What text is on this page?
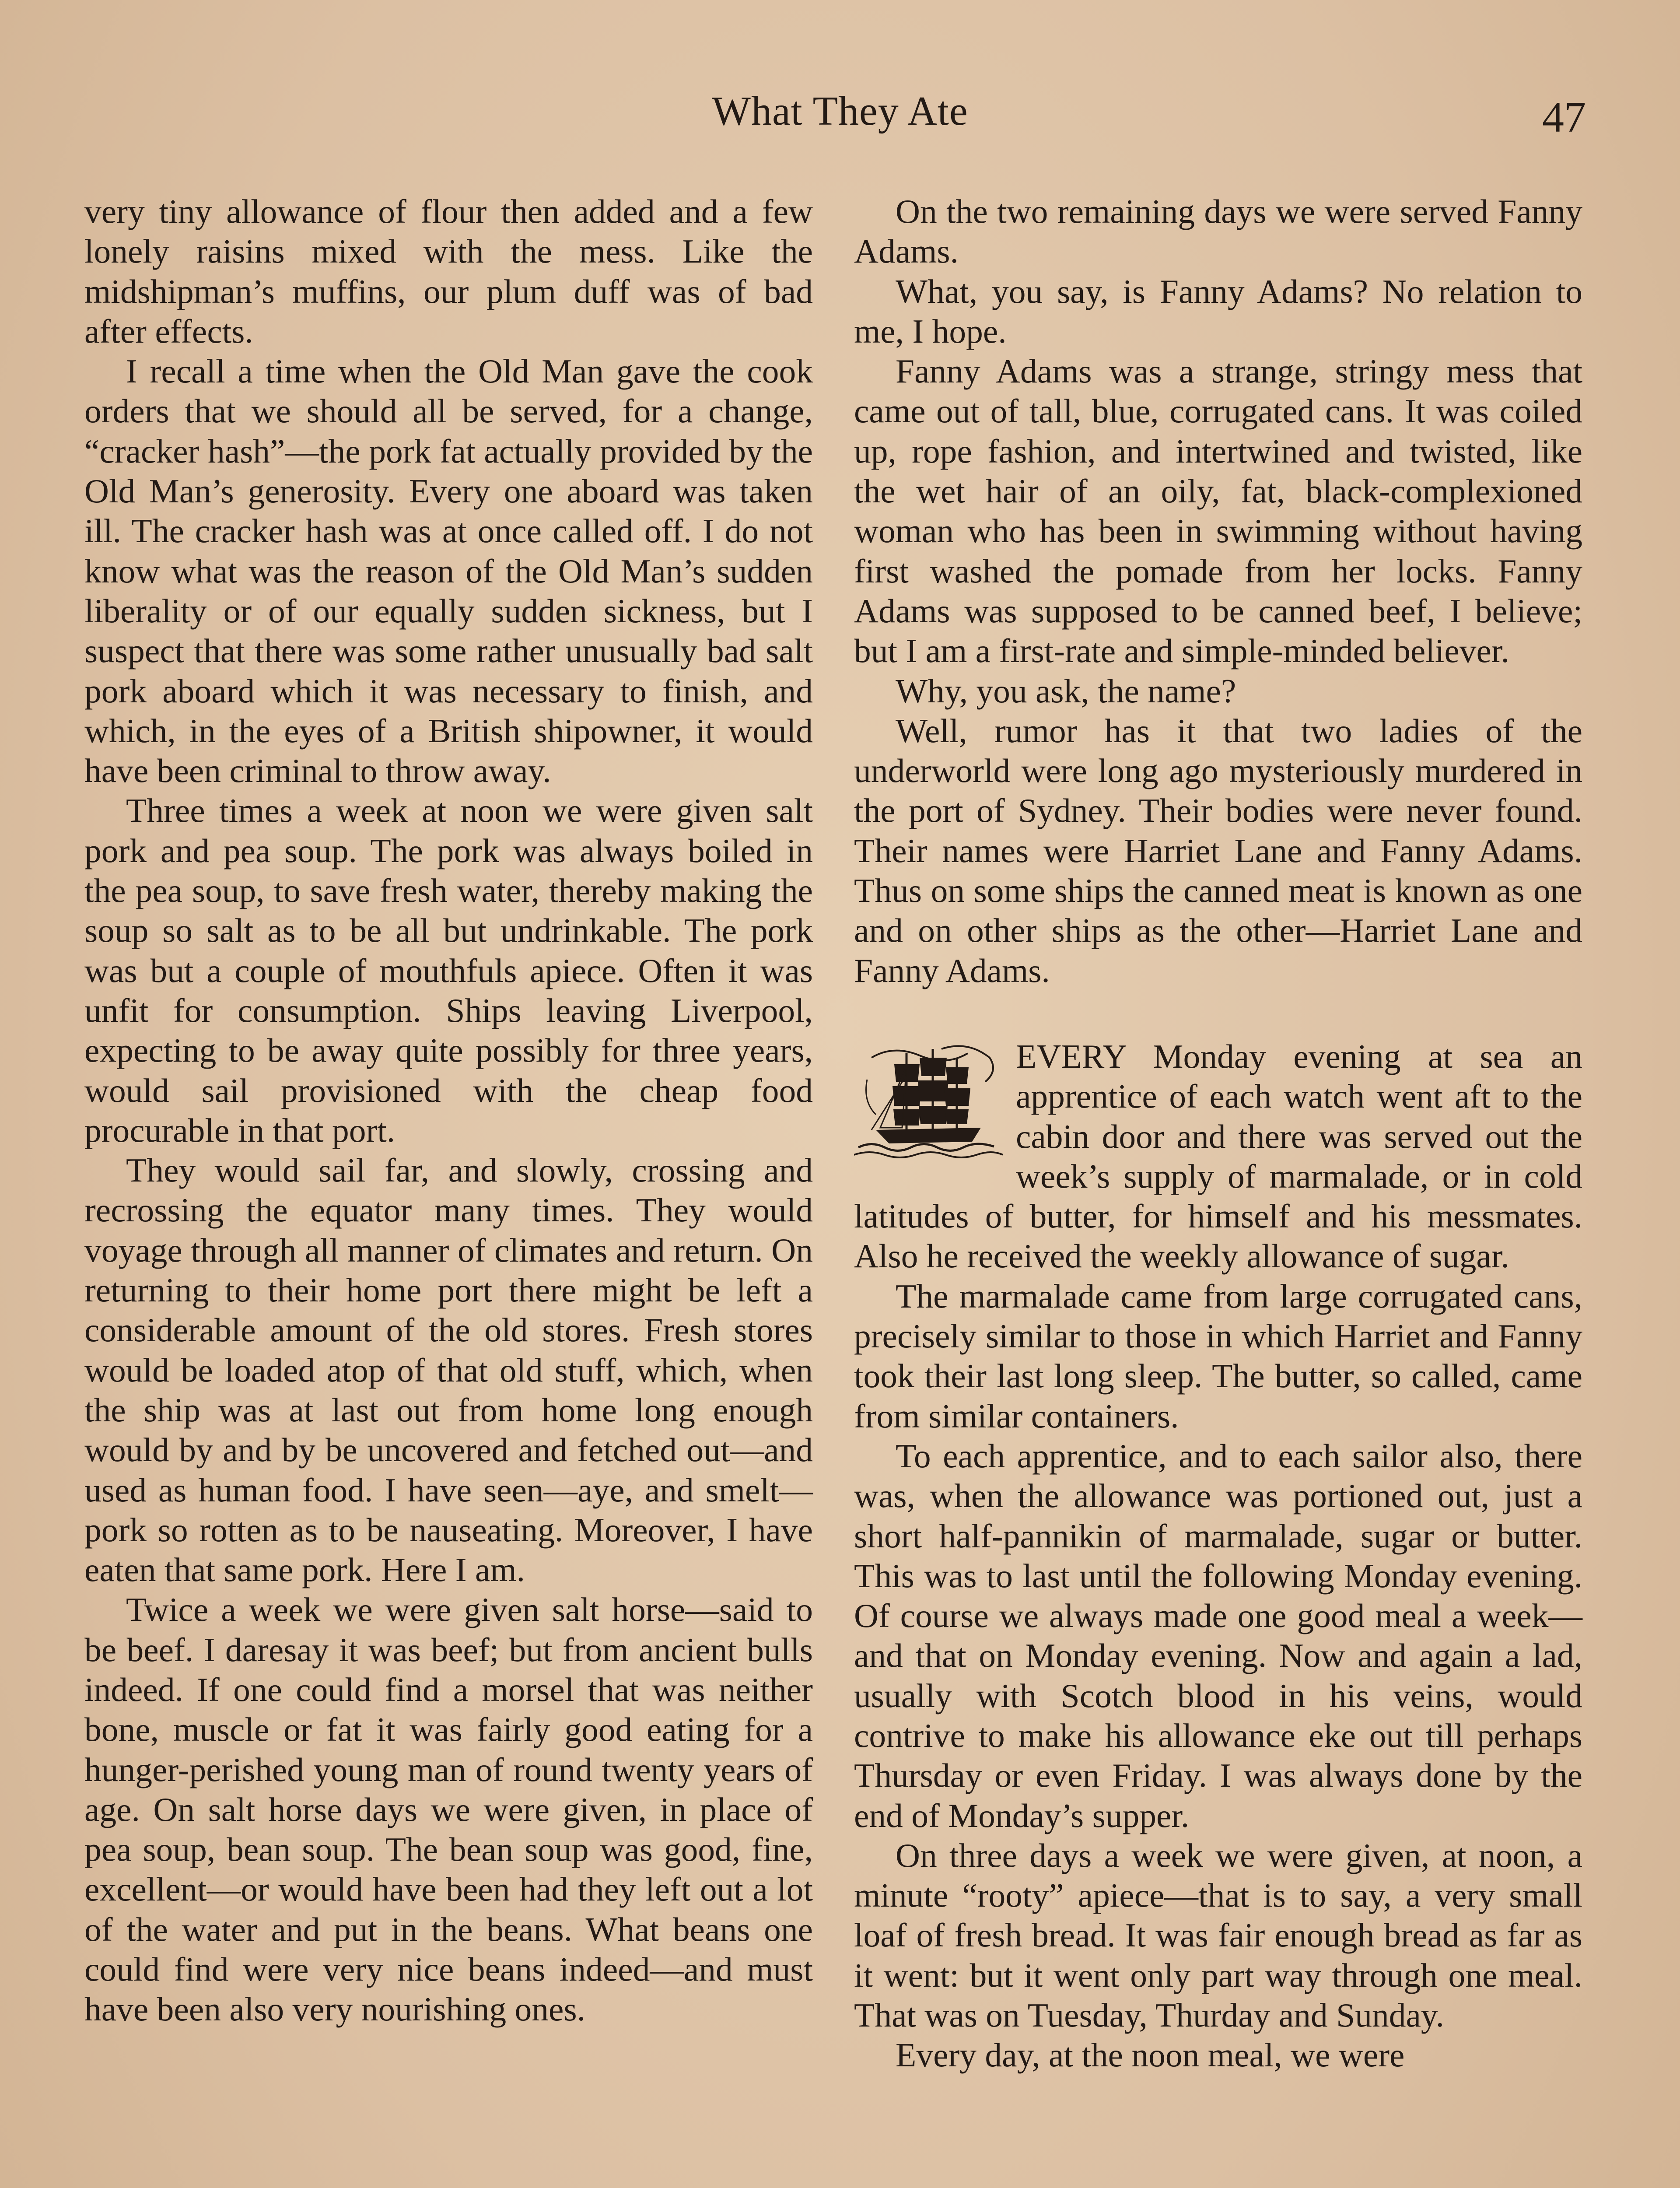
What They Ate	47

very tiny allowance of flour then added and a few lonely raisins mixed with the mess. Like the midshipman’s muffins, our plum duff was of bad after effects.

I recall a time when the Old Man gave the cook orders that we should all be served, for a change, “cracker hash”—the pork fat actually provided by the Old Man’s generosity. Every one aboard was taken ill. The cracker hash was at once called off. I do not know what was the reason of the Old Man’s sudden liberality or of our equally sudden sickness, but I suspect that there was some rather unusually bad salt pork aboard which it was necessary to finish, and which, in the eyes of a British shipowner, it would have been criminal to throw away.

Three times a week at noon we were given salt pork and pea soup. The pork was always boiled in the pea soup, to save fresh water, thereby making the soup so salt as to be all but undrinkable. The pork was but a couple of mouthfuls apiece. Often it was unfit for consumption. Ships leaving Liverpool, expecting to be away quite possibly for three years, would sail provisioned with the cheap food procurable in that port.

They would sail far, and slowly, crossing and recrossing the equator many times. They would voyage through all manner of climates and return. On returning to their home port there might be left a considerable amount of the old stores. Fresh stores would be loaded atop of that old stuff, which, when the ship was at last out from home long enough would by and by be uncovered and fetched out—and used as human food. I have seen—aye, and smelt—pork so rotten as to be nauseating. Moreover, I have eaten that same pork. Here I am.

Twice a week we were given salt horse—said to be beef. I daresay it was beef; but from ancient bulls indeed. If one could find a morsel that was neither bone, muscle or fat it was fairly good eating for a hunger-perished young man of round twenty years of age. On salt horse days we were given, in place of pea soup, bean soup. The bean soup was good, fine, excellent—or would have been had they left out a lot of the water and put in the beans. What beans one could find were very nice beans indeed—and must have been also very nourishing ones.

On the two remaining days we were served Fanny Adams.

What, you say, is Fanny Adams? No relation to me, I hope.

Fanny Adams was a strange, stringy mess that came out of tall, blue, corrugated cans. It was coiled up, rope fashion, and intertwined and twisted, like the wet hair of an oily, fat, black-complexioned woman who has been in swimming without having first washed the pomade from her locks. Fanny Adams was supposed to be canned beef, I believe; but I am a first-rate and simple-minded believer.

Why, you ask, the name?

Well, rumor has it that two ladies of the underworld were long ago mysteriously murdered in the port of Sydney. Their bodies were never found. Their names were Harriet Lane and Fanny Adams. Thus on some ships the canned meat is known as one and on other ships as the other—Harriet Lane and Fanny Adams.

EVERY Monday evening at sea an apprentice of each watch went aft to the cabin door and there was served out the week’s supply of marmalade, or in cold latitudes of butter, for himself and his messmates. Also he received the weekly allowance of sugar.

The marmalade came from large corrugated cans, precisely similar to those in which Harriet and Fanny took their last long sleep. The butter, so called, came from similar containers.

To each apprentice, and to each sailor also, there was, when the allowance was portioned out, just a short half-pannikin of marmalade, sugar or butter. This was to last until the following Monday evening. Of course we always made one good meal a week—and that on Monday evening. Now and again a lad, usually with Scotch blood in his veins, would contrive to make his allowance eke out till perhaps Thursday or even Friday. I was always done by the end of Monday’s supper.

On three days a week we were given, at noon, a minute “rooty” apiece—that is to say, a very small loaf of fresh bread. It was fair enough bread as far as it went: but it went only part way through one meal. That was on Tuesday, Thurday and Sunday.

Every day, at the noon meal, we were
